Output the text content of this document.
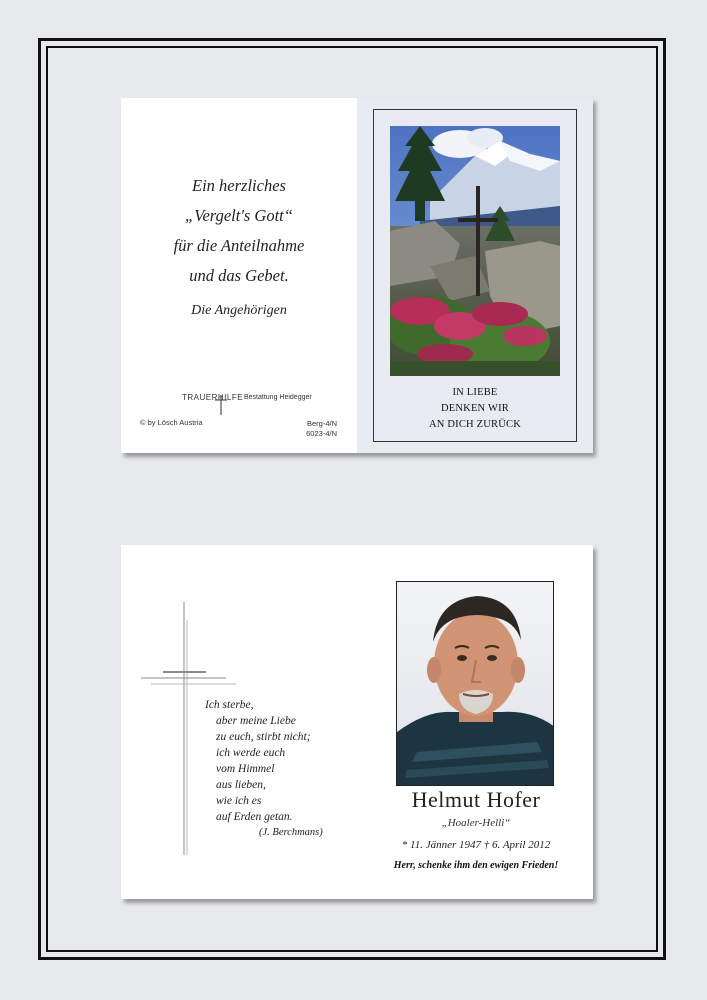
Ein herzliches
„Vergelt's Gott“
für die Anteilnahme
und das Gebet.
Die Angehörigen
TRAUERHILFE Bestattung Heidegger
© by Lösch Austria	Berg-4/N
6023-4/N
IN LIEBE
DENKEN WIR
AN DICH ZURÜCK
Ich sterbe,
aber meine Liebe
zu euch, stirbt nicht;
ich werde euch
vom Himmel
aus lieben,
wie ich es
auf Erden getan.
(J. Berchmans)
Helmut Hofer
„Hoaler-Helli“
* 11. Jänner 1947 † 6. April 2012
Herr, schenke ihm den ewigen Frieden!
